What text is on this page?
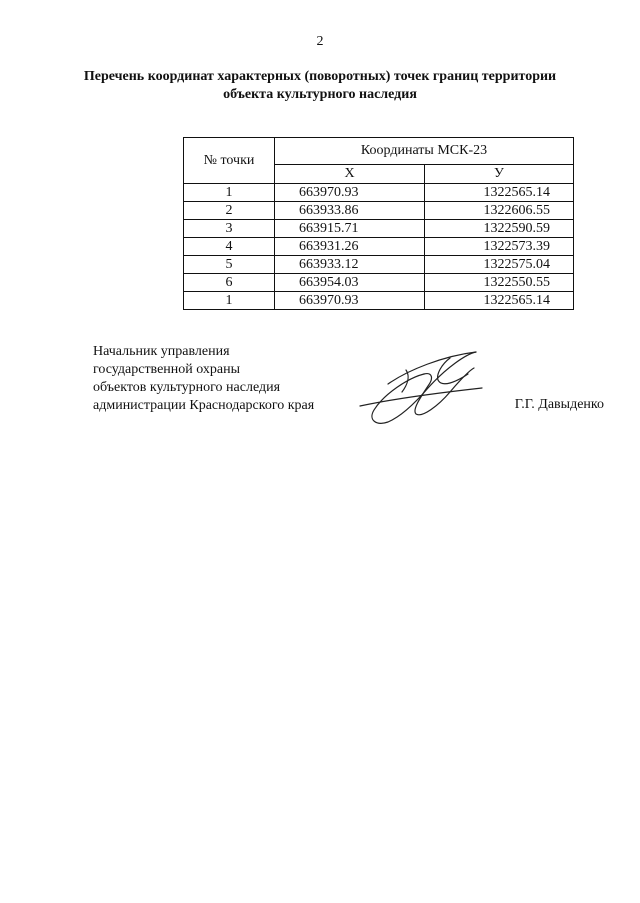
2
Перечень координат характерных (поворотных) точек границ территории
объекта культурного наследия
№ точки	Координаты МСК-23	
	X	У
1	663970.93	1322565.14
2	663933.86	1322606.55
3	663915.71	1322590.59
4	663931.26	1322573.39
5	663933.12	1322575.04
6	663954.03	1322550.55
1	663970.93	1322565.14
Начальник управления
государственной охраны
объектов культурного наследия
администрации Краснодарского края	Г.Г. Давыденко
